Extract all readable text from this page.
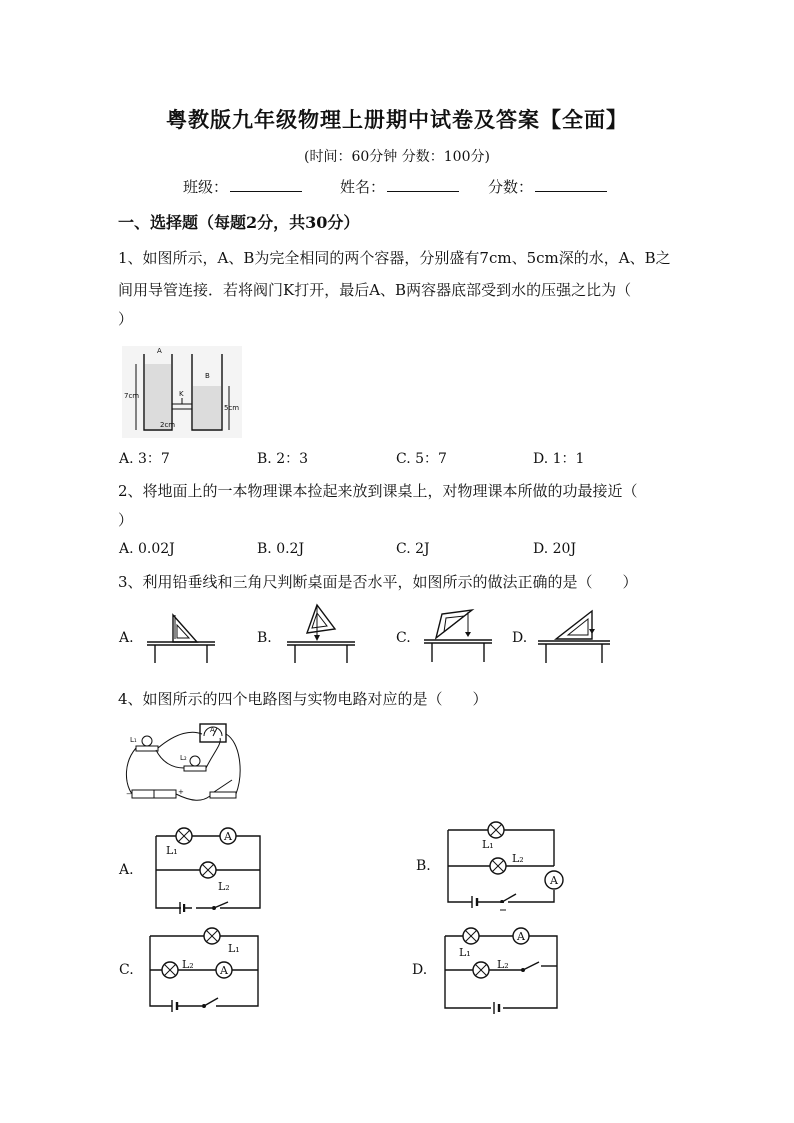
粤教版九年级物理上册期中试卷及答案【全面】
(时间：60分钟 分数：100分)
班级：	姓名：	分数：
一、选择题（每题2分，共30分）
1、如图所示，A、B为完全相同的两个容器，分别盛有7cm、5cm深的水，A、B之
间用导管连接．若将阀门K打开，最后A、B两容器底部受到水的压强之比为（
）
A
B
K
7cm
5cm
2cm
A. 3：7	B. 2：3	C. 5：7	D. 1：1
2、将地面上的一本物理课本捡起来放到课桌上，对物理课本所做的功最接近（
）
A. 0.02J	B. 0.2J	C. 2J	D. 20J
3、利用铅垂线和三角尺判断桌面是否水平，如图所示的做法正确的是（　　）
A.	B.	C.	D.
4、如图所示的四个电路图与实物电路对应的是（　　）
A
L₁
L₂
−	+
A.
A
L₁
L₂
B.
L₁
L₂
A
C.
L₁
L₂ A	D.
L₁
A
L₂
